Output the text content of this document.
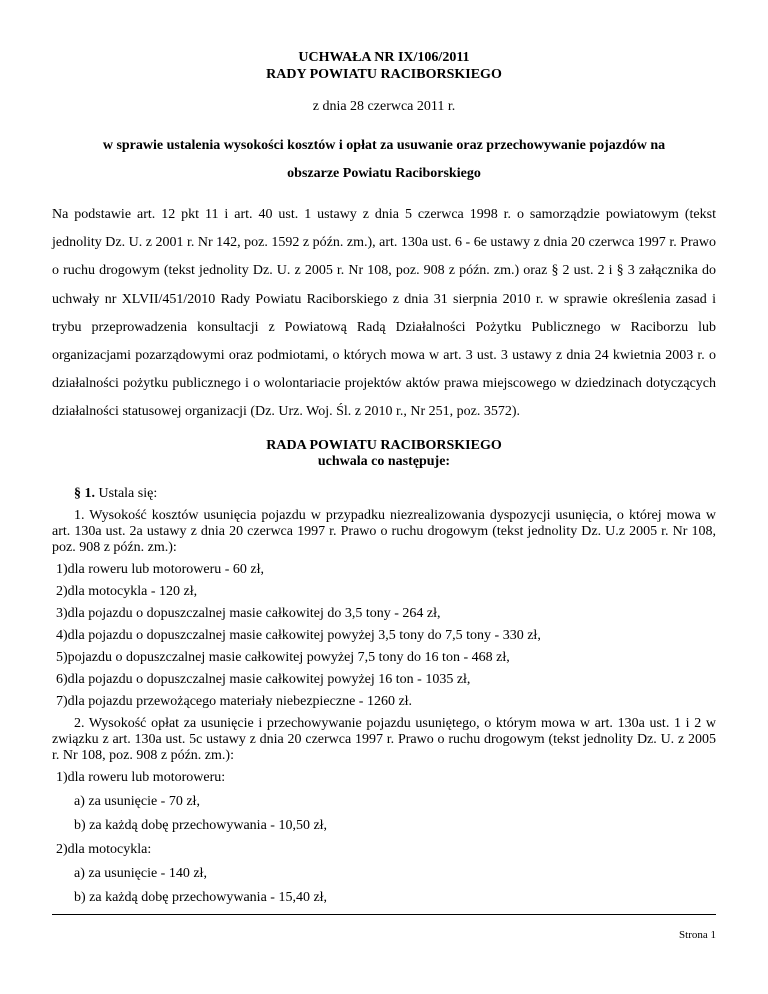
UCHWAŁA NR IX/106/2011
RADY POWIATU RACIBORSKIEGO
z dnia 28 czerwca 2011 r.
w sprawie ustalenia wysokości kosztów i opłat za usuwanie oraz przechowywanie pojazdów na
obszarze Powiatu Raciborskiego
Na podstawie art. 12 pkt 11 i art. 40 ust. 1 ustawy z dnia 5 czerwca 1998 r. o samorządzie powiatowym (tekst jednolity Dz. U. z 2001 r. Nr 142, poz. 1592 z późn. zm.), art. 130a ust. 6 - 6e ustawy z dnia 20 czerwca 1997 r. Prawo o ruchu drogowym (tekst jednolity Dz. U. z 2005 r. Nr 108, poz. 908 z późn. zm.) oraz § 2 ust. 2 i § 3 załącznika do uchwały nr XLVII/451/2010 Rady Powiatu Raciborskiego z dnia 31 sierpnia 2010 r. w sprawie określenia zasad i trybu przeprowadzenia konsultacji z Powiatową Radą Działalności Pożytku Publicznego w Raciborzu lub organizacjami pozarządowymi oraz podmiotami, o których mowa w art. 3 ust. 3 ustawy z dnia 24 kwietnia 2003 r. o działalności pożytku publicznego i o wolontariacie projektów aktów prawa miejscowego w dziedzinach dotyczących działalności statusowej organizacji (Dz. Urz. Woj. Śl. z 2010 r., Nr 251, poz. 3572).
RADA POWIATU RACIBORSKIEGO
uchwala co następuje:

§ 1. Ustala się:

1. Wysokość kosztów usunięcia pojazdu w przypadku niezrealizowania dyspozycji usunięcia, o której mowa w art. 130a ust. 2a ustawy z dnia 20 czerwca 1997 r. Prawo o ruchu drogowym (tekst jednolity Dz. U.z 2005 r. Nr 108, poz. 908 z późn. zm.):

1)dla roweru lub motoroweru - 60 zł,

2)dla motocykla - 120 zł,

3)dla pojazdu o dopuszczalnej masie całkowitej do 3,5 tony - 264 zł,

4)dla pojazdu o dopuszczalnej masie całkowitej powyżej 3,5 tony do 7,5 tony - 330 zł,

5)pojazdu o dopuszczalnej masie całkowitej powyżej 7,5 tony do 16 ton - 468 zł,

6)dla pojazdu o dopuszczalnej masie całkowitej powyżej 16 ton - 1035 zł,

7)dla pojazdu przewożącego materiały niebezpieczne - 1260 zł.

2. Wysokość opłat za usunięcie i przechowywanie pojazdu usuniętego, o którym mowa w art. 130a ust. 1 i 2 w związku z art. 130a ust. 5c ustawy z dnia 20 czerwca 1997 r. Prawo o ruchu drogowym (tekst jednolity Dz. U. z 2005 r. Nr 108, poz. 908 z późn. zm.):

1)dla roweru lub motoroweru:

a) za usunięcie - 70 zł,

b) za każdą dobę przechowywania - 10,50 zł,

2)dla motocykla:

a) za usunięcie - 140 zł,

b) za każdą dobę przechowywania - 15,40 zł,

Strona 1
